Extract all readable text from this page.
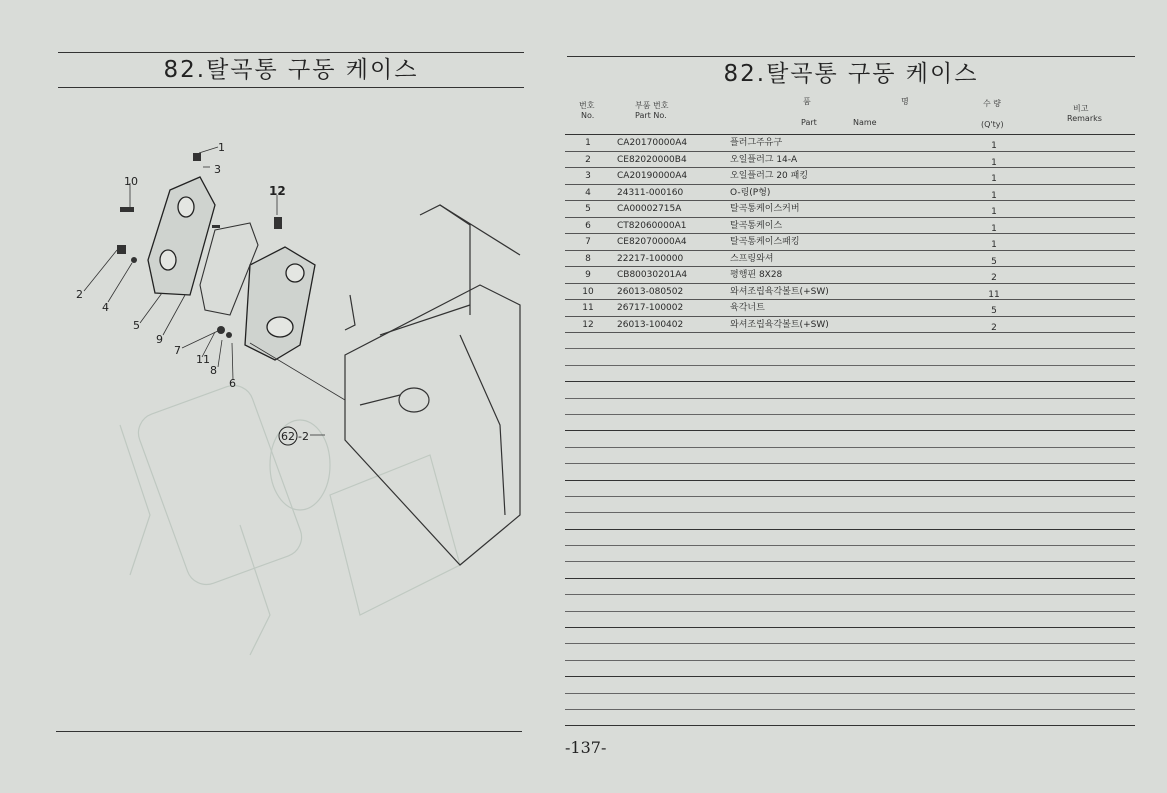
82.탈곡통 구동 케이스
1
3
10
12
2
4
5
9
7
11
8
6
62 -2
82.탈곡통 구동 케이스
번호
No.
부품 번호
Part No.
품	명
Part	Name
수 량
(Q'ty)
비고
Remarks
1	CA20170000A4	플러그주유구	1
2	CE82020000B4	오일플러그 14-A	1
3	CA20190000A4	오일플러그 20 패킹	1
4	24311-000160	O-링(P형)	1
5	CA00002715A	탈곡통케이스커버	1
6	CT82060000A1	탈곡통케이스	1
7	CE82070000A4	탈곡통케이스패킹	1
8	22217-100000	스프링와셔	5
9	CB80030201A4	평행핀 8X28	2
10	26013-080502	와셔조립육각볼트(+SW)	11
11	26717-100002	육각너트	5
12	26013-100402	와셔조립육각볼트(+SW)	2
-137-
